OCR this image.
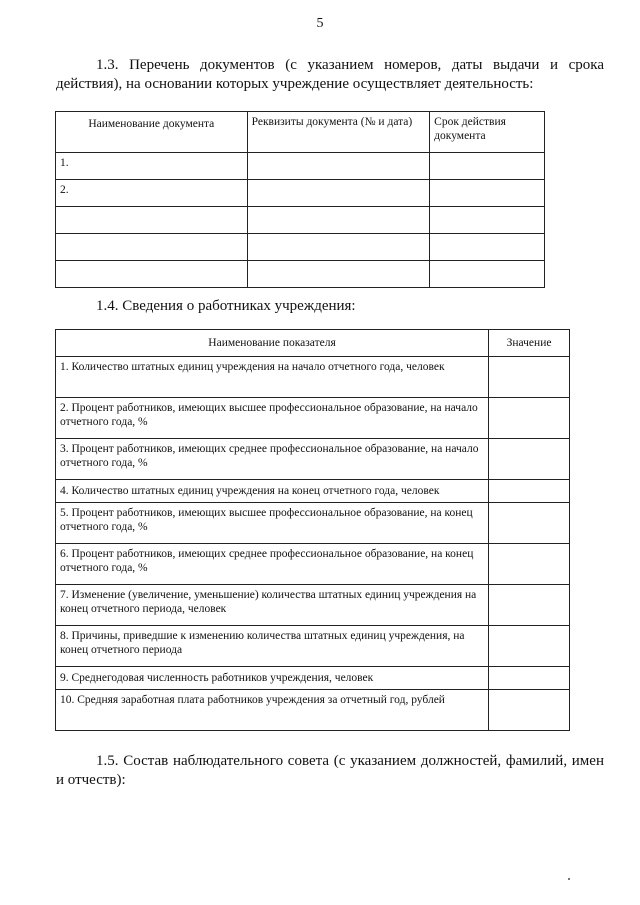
5

1.3. Перечень документов (с указанием номеров, даты выдачи и срока действия), на основании которых учреждение осуществляет деятельность:

Наименование документа	Реквизиты документа (№ и дата)	Срок действия документа
1.		
2.		

1.4. Сведения о работниках учреждения:

Наименование показателя	Значение
1. Количество штатных единиц учреждения на начало отчетного года, человек	
2. Процент работников, имеющих высшее профессиональное образование, на начало отчетного года, %	
3. Процент работников, имеющих среднее профессиональное образование, на начало отчетного года, %	
4. Количество штатных единиц учреждения на конец отчетного года, человек	
5. Процент работников, имеющих высшее профессиональное образование, на конец отчетного года, %	
6. Процент работников, имеющих среднее профессиональное образование, на конец отчетного года, %	
7. Изменение (увеличение, уменьшение) количества штатных единиц учреждения на конец отчетного периода, человек	
8. Причины, приведшие к изменению количества штатных единиц учреждения, на конец отчетного периода	
9. Среднегодовая численность работников учреждения, человек	
10. Средняя заработная плата работников учреждения за отчетный год, рублей	

1.5. Состав наблюдательного совета (с указанием должностей, фамилий, имен и отчеств):
